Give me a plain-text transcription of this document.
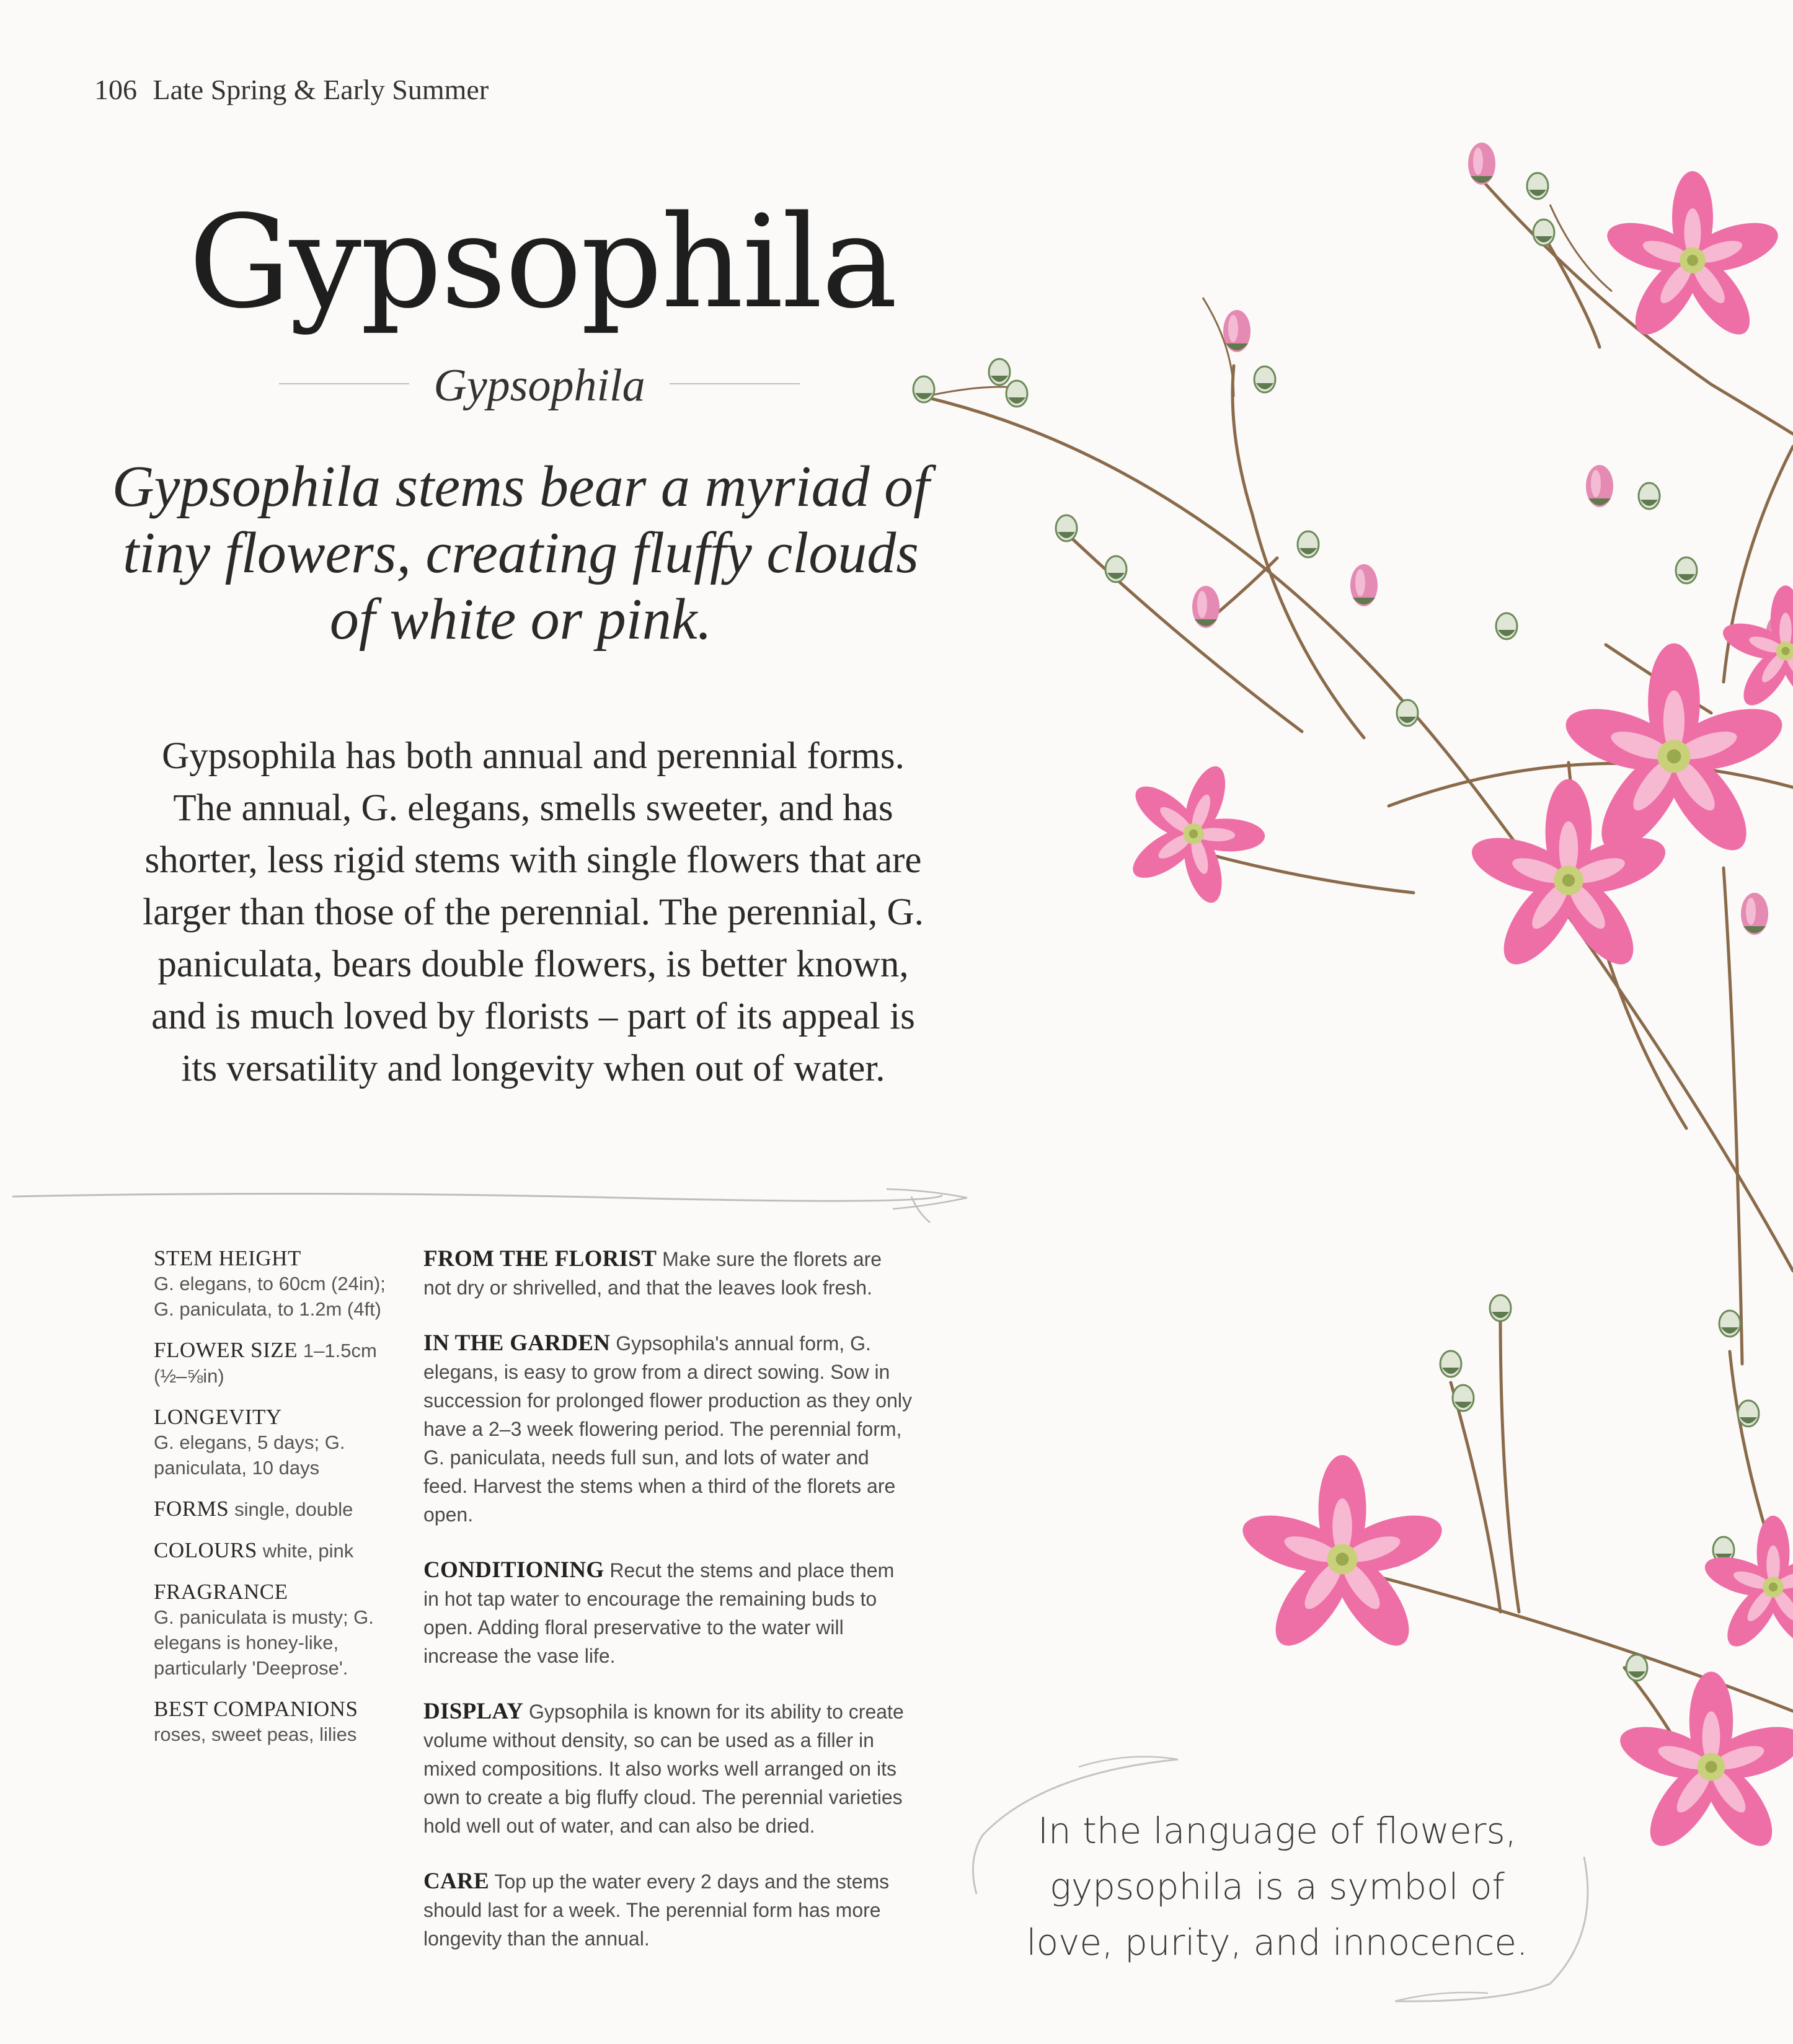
106 Late Spring & Early Summer
Gypsophila
Gypsophila
Gypsophila stems bear a myriad of tiny flowers, creating fluffy clouds of white or pink.
Gypsophila has both annual and perennial forms. The annual, G. elegans, smells sweeter, and has shorter, less rigid stems with single flowers that are larger than those of the perennial. The perennial, G. paniculata, bears double flowers, is better known, and is much loved by florists – part of its appeal is its versatility and longevity when out of water.
STEM HEIGHT
G. elegans, to 60cm (24in); G. paniculata, to 1.2m (4ft)
FLOWER SIZE 1–1.5cm (½–⅝in)
LONGEVITY
G. elegans, 5 days; G. paniculata, 10 days
FORMS single, double
COLOURS white, pink
FRAGRANCE
G. paniculata is musty; G. elegans is honey-like, particularly 'Deeprose'.
BEST COMPANIONS
roses, sweet peas, lilies
FROM THE FLORIST Make sure the florets are not dry or shrivelled, and that the leaves look fresh.
IN THE GARDEN Gypsophila's annual form, G. elegans, is easy to grow from a direct sowing. Sow in succession for prolonged flower production as they only have a 2–3 week flowering period. The perennial form, G. paniculata, needs full sun, and lots of water and feed. Harvest the stems when a third of the florets are open.
CONDITIONING Recut the stems and place them in hot tap water to encourage the remaining buds to open. Adding floral preservative to the water will increase the vase life.
DISPLAY Gypsophila is known for its ability to create volume without density, so can be used as a filler in mixed compositions. It also works well arranged on its own to create a big fluffy cloud. The perennial varieties hold well out of water, and can also be dried.
CARE Top up the water every 2 days and the stems should last for a week. The perennial form has more longevity than the annual.
In the language of flowers, gypsophila is a symbol of love, purity, and innocence.
